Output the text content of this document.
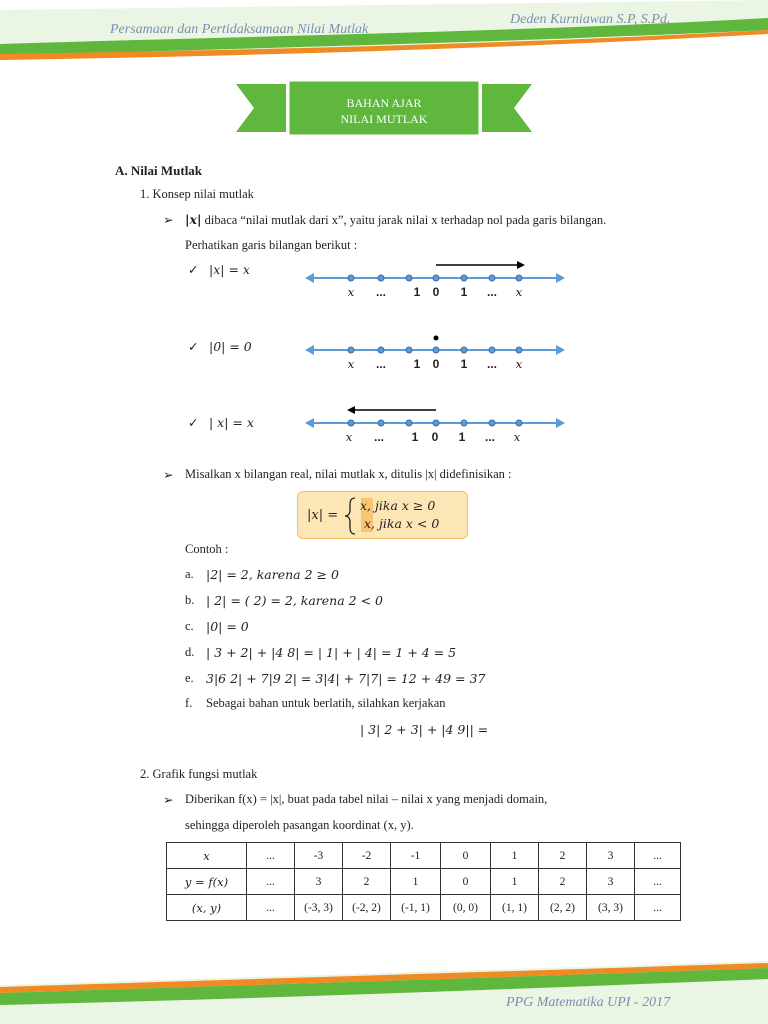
Persamaan dan Pertidaksamaan Nilai Mutlak
Deden Kurniawan S.P, S.Pd.
BAHAN AJAR
NILAI MUTLAK
A. Nilai Mutlak
1. Konsep nilai mutlak
➢ |x| dibaca “nilai mutlak dari x”, yaitu jarak nilai x terhadap nol pada garis bilangan.
Perhatikan garis bilangan berikut :
✓ |x| = x
✓ |0| = 0
✓ | x| = x
x	...	1	0	1	...	x
x	...	1	0	1	...	x
x	...	1	0	1	...	x
➢ Misalkan x bilangan real, nilai mutlak x, ditulis |x| didefinisikan :
|x| =
x, jika x ≥ 0
x, jika x < 0
Contoh :
a. |2| = 2, karena 2 ≥ 0
b. | 2| = ( 2) = 2, karena 2 < 0
c. |0| = 0
d. | 3 + 2| + |4 8| = | 1| + | 4| = 1 + 4 = 5
e. 3|6 2| + 7|9 2| = 3|4| + 7|7| = 12 + 49 = 37
f. Sebagai bahan untuk berlatih, silahkan kerjakan
| 3| 2 + 3| + |4 9|| =
2. Grafik fungsi mutlak
➢ Diberikan f(x) = |x|, buat pada tabel nilai – nilai x yang menjadi domain,
sehingga diperoleh pasangan koordinat (x, y).
x	...	-3	-2	-1	0	1	2	3	...
y = f(x)	...	3	2	1	0	1	2	3	...
(x, y)	...	(-3, 3)	(-2, 2)	(-1, 1)	(0, 0)	(1, 1)	(2, 2)	(3, 3)	...
PPG Matematika UPI - 2017
